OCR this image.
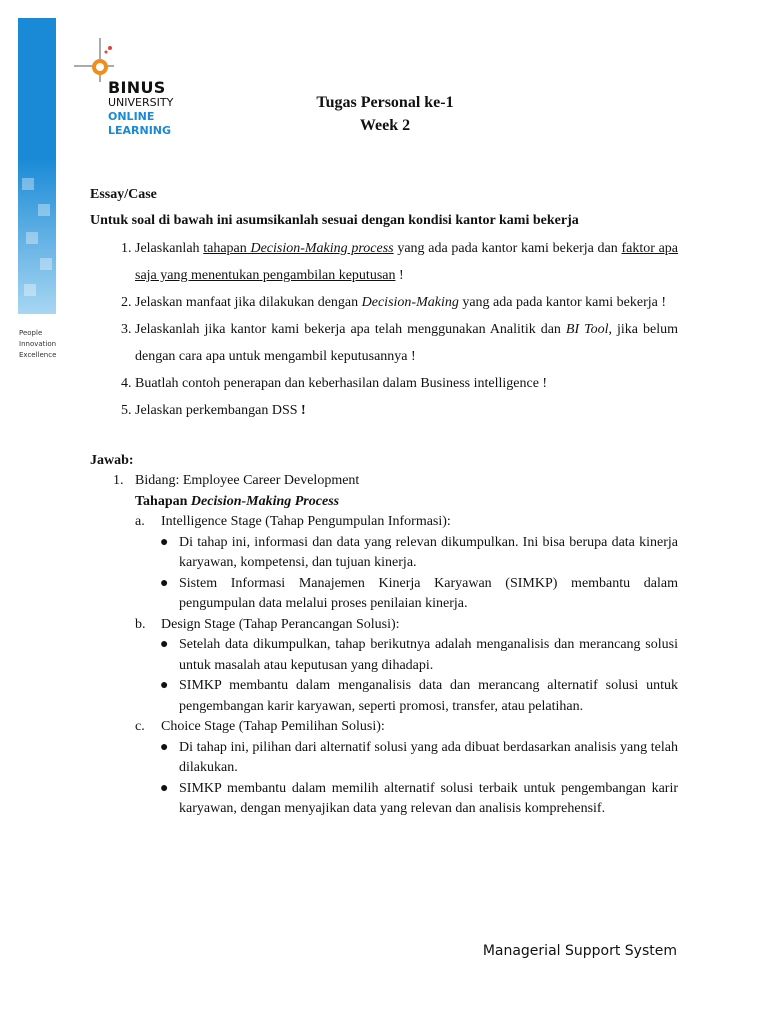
People
Innovation
Excellence
BINUS
UNIVERSITY
ONLINE
LEARNING
Tugas Personal ke-1
Week 2

Essay/Case

Untuk soal di bawah ini asumsikanlah sesuai dengan kondisi kantor kami bekerja

1. Jelaskanlah tahapan Decision-Making process yang ada pada kantor kami bekerja dan faktor apa saja yang menentukan pengambilan keputusan !
2. Jelaskan manfaat jika dilakukan dengan Decision-Making yang ada pada kantor kami bekerja !
3. Jelaskanlah jika kantor kami bekerja apa telah menggunakan Analitik dan BI Tool, jika belum dengan cara apa untuk mengambil keputusannya !
4. Buatlah contoh penerapan dan keberhasilan dalam Business intelligence !
5. Jelaskan perkembangan DSS !

Jawab:

1. Bidang: Employee Career Development
Tahapan Decision-Making Process
a. Intelligence Stage (Tahap Pengumpulan Informasi):
● Di tahap ini, informasi dan data yang relevan dikumpulkan. Ini bisa berupa data kinerja karyawan, kompetensi, dan tujuan kinerja.
● Sistem Informasi Manajemen Kinerja Karyawan (SIMKP) membantu dalam pengumpulan data melalui proses penilaian kinerja.
b. Design Stage (Tahap Perancangan Solusi):
● Setelah data dikumpulkan, tahap berikutnya adalah menganalisis dan merancang solusi untuk masalah atau keputusan yang dihadapi.
● SIMKP membantu dalam menganalisis data dan merancang alternatif solusi untuk pengembangan karir karyawan, seperti promosi, transfer, atau pelatihan.
c. Choice Stage (Tahap Pemilihan Solusi):
● Di tahap ini, pilihan dari alternatif solusi yang ada dibuat berdasarkan analisis yang telah dilakukan.
● SIMKP membantu dalam memilih alternatif solusi terbaik untuk pengembangan karir karyawan, dengan menyajikan data yang relevan dan analisis komprehensif.
Managerial Support System
